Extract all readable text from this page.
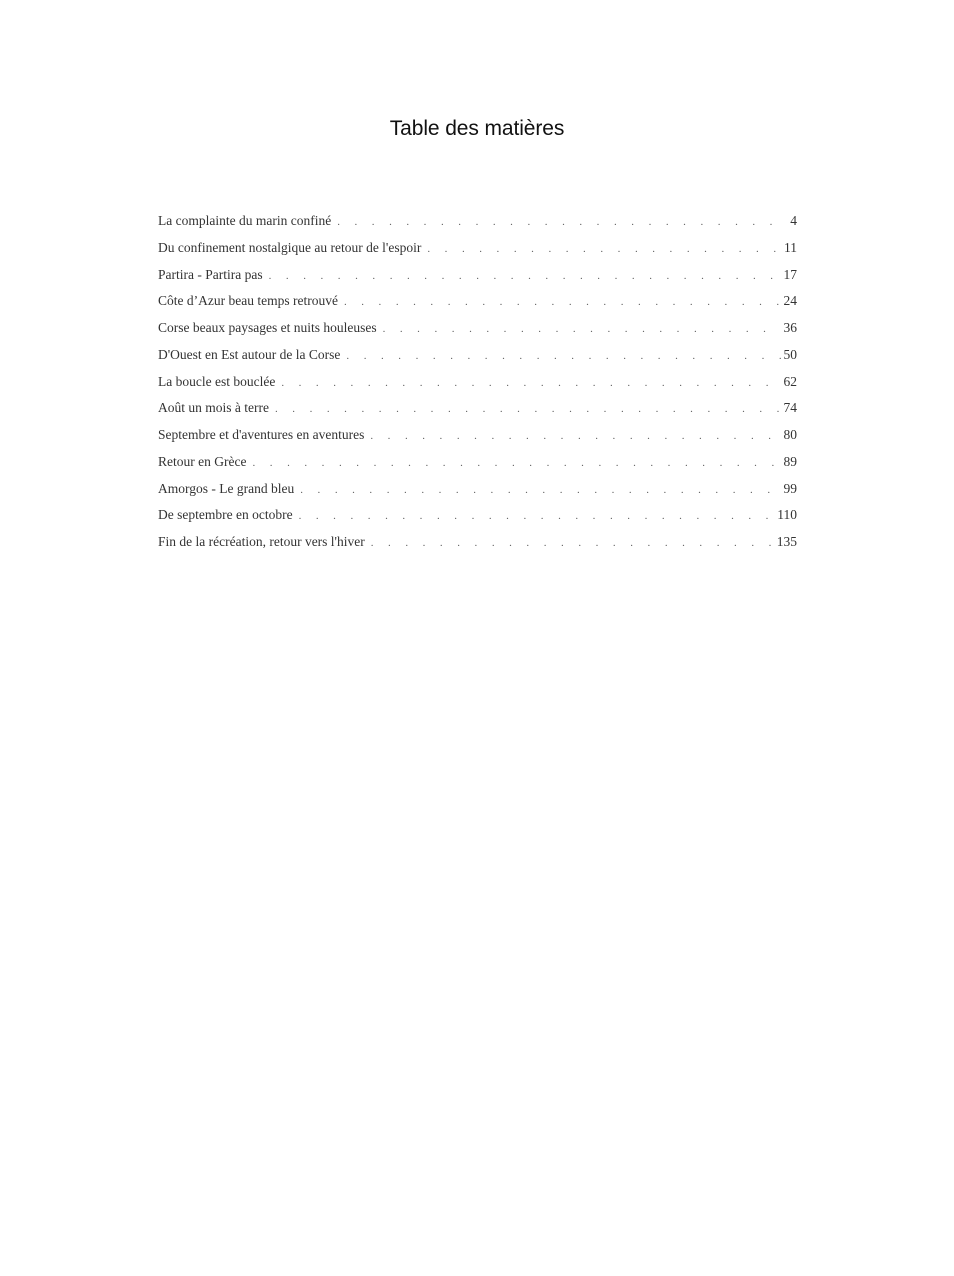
Table des matières
La complainte du marin confiné . . .	4
Du confinement nostalgique au retour de l'espoir . . .	11
Partira - Partira pas . . .	17
Côte d’Azur beau temps retrouvé . . .	24
Corse beaux paysages et nuits houleuses . . .	36
D'Ouest en Est autour de la Corse . . .	50
La boucle est bouclée . . .	62
Août un mois à terre . . .	74
Septembre et d'aventures en aventures . . .	80
Retour en Grèce . . .	89
Amorgos - Le grand bleu . . .	99
De septembre en octobre . . .	110
Fin de la récréation, retour vers l'hiver . . .	135
